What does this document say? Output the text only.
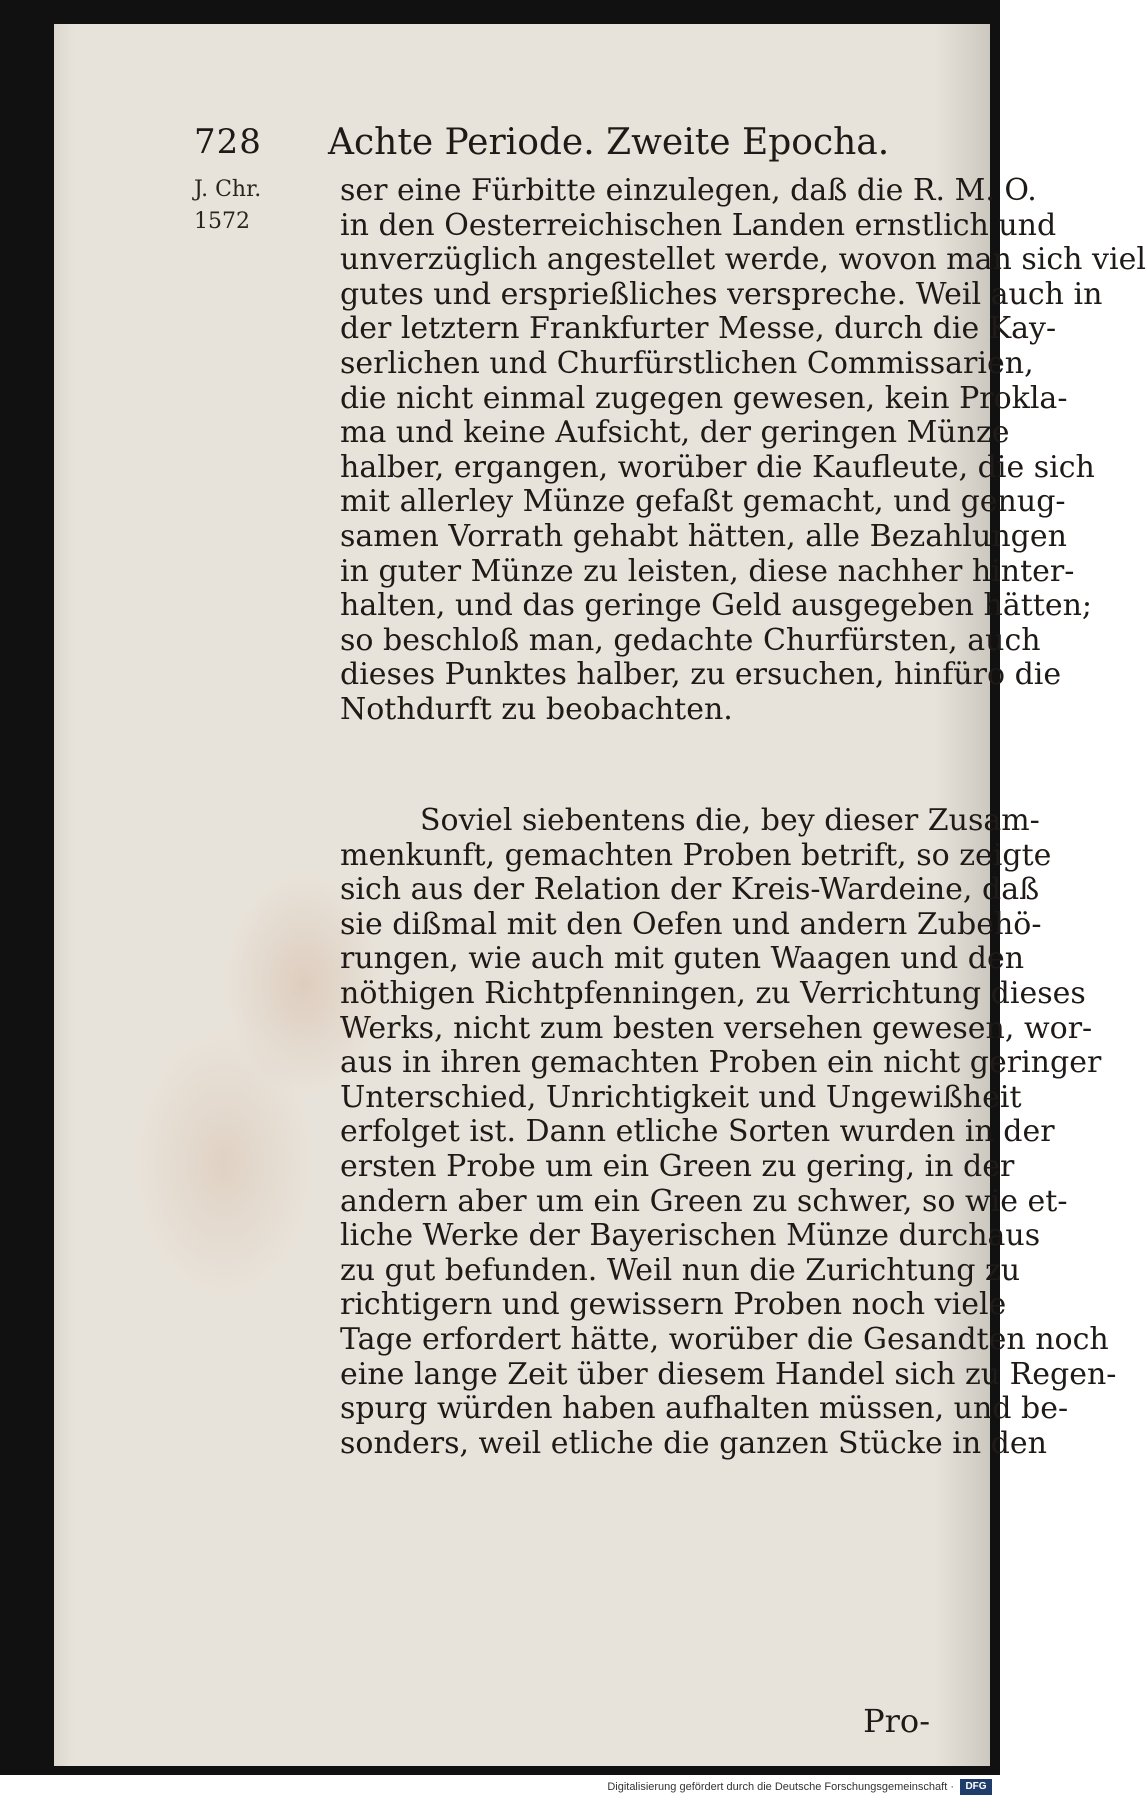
728 Achte Periode. Zweite Epocha.
J. Chr.
1572
ser eine Fürbitte einzulegen, daß die R. M. O.
in den Oesterreichischen Landen ernstlich und
unverzüglich angestellet werde, wovon man sich viel
gutes und ersprießliches verspreche. Weil auch in
der letztern Frankfurter Messe, durch die Kay-
serlichen und Churfürstlichen Commissarien,
die nicht einmal zugegen gewesen, kein Prokla-
ma und keine Aufsicht, der geringen Münze
halber, ergangen, worüber die Kaufleute, die sich
mit allerley Münze gefaßt gemacht, und genug-
samen Vorrath gehabt hätten, alle Bezahlungen
in guter Münze zu leisten, diese nachher hinter-
halten, und das geringe Geld ausgegeben hätten;
so beschloß man, gedachte Churfürsten, auch
dieses Punktes halber, zu ersuchen, hinfüro die
Nothdurft zu beobachten.
Soviel siebentens die, bey dieser Zusam-
menkunft, gemachten Proben betrift, so zeigte
sich aus der Relation der Kreis-Wardeine, daß
sie dißmal mit den Oefen und andern Zubehö-
rungen, wie auch mit guten Waagen und den
nöthigen Richtpfenningen, zu Verrichtung dieses
Werks, nicht zum besten versehen gewesen, wor-
aus in ihren gemachten Proben ein nicht geringer
Unterschied, Unrichtigkeit und Ungewißheit
erfolget ist. Dann etliche Sorten wurden in der
ersten Probe um ein Green zu gering, in der
andern aber um ein Green zu schwer, so wie et-
liche Werke der Bayerischen Münze durchaus
zu gut befunden. Weil nun die Zurichtung zu
richtigern und gewissern Proben noch viele
Tage erfordert hätte, worüber die Gesandten noch
eine lange Zeit über diesem Handel sich zu Regen-
spurg würden haben aufhalten müssen, und be-
sonders, weil etliche die ganzen Stücke in den
Pro-
Digitalisierung gefördert durch die Deutsche Forschungsgemeinschaft ·	DFG
